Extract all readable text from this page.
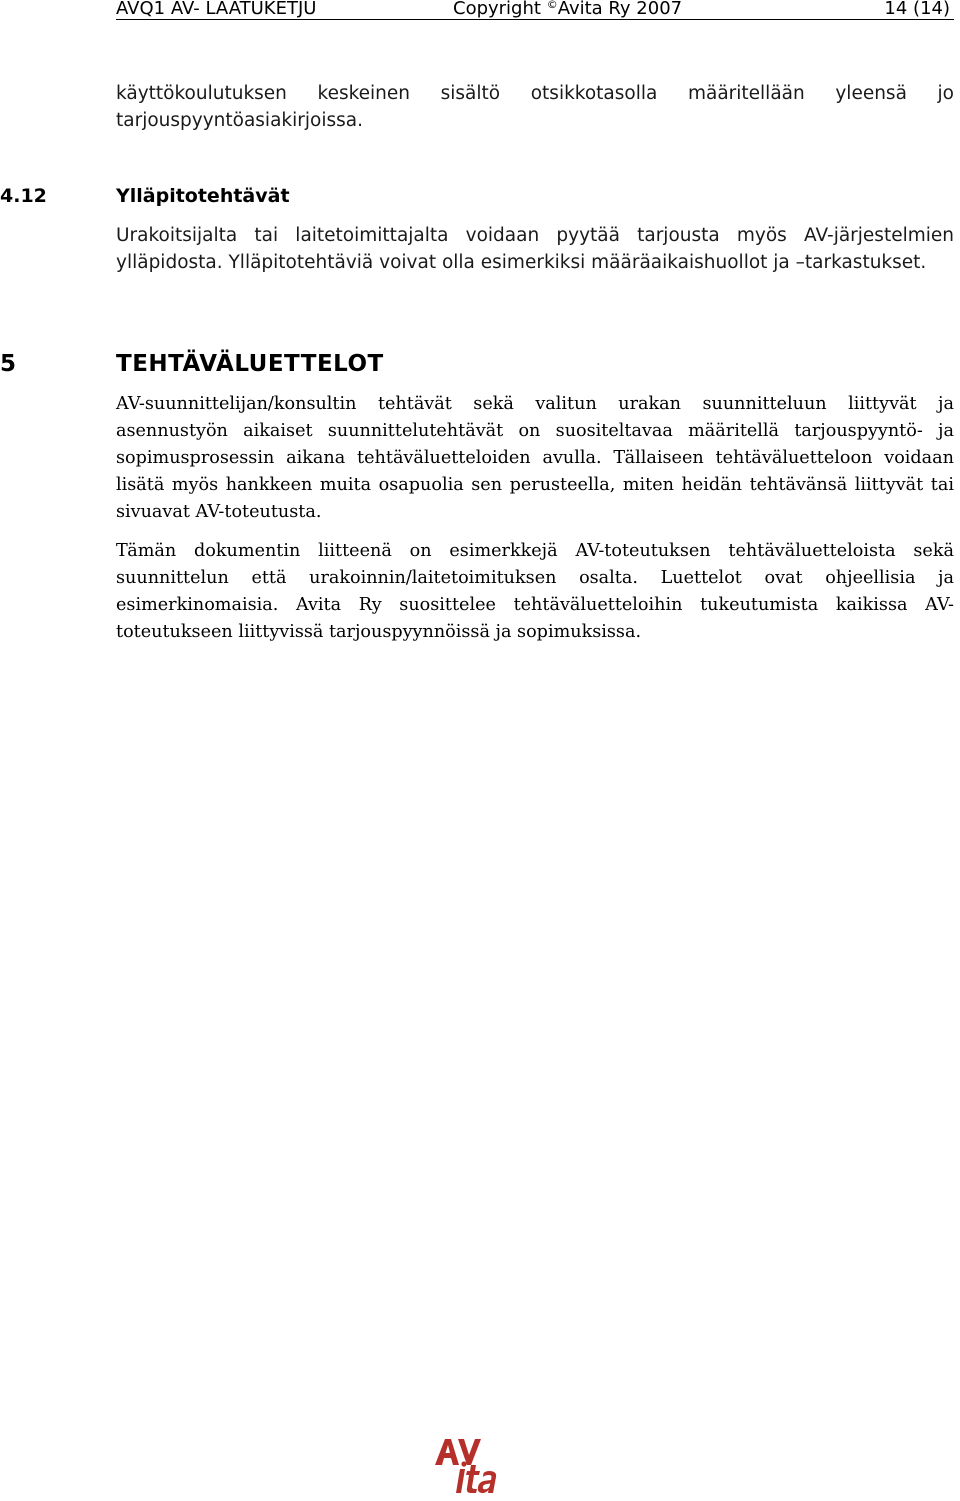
AVQ1 AV- LAATUKETJU	Copyright ©Avita Ry 2007	14 (14)

käyttökoulutuksen keskeinen sisältö otsikkotasolla määritellään yleensä jo tarjouspyyntöasiakirjoissa.

4.12	Ylläpitotehtävät

Urakoitsijalta tai laitetoimittajalta voidaan pyytää tarjousta myös AV-järjestelmien ylläpidosta. Ylläpitotehtäviä voivat olla esimerkiksi määräaikaishuollot ja –tarkastukset.

5	TEHTÄVÄLUETTELOT

AV-suunnittelijan/konsultin tehtävät sekä valitun urakan suunnitteluun liittyvät ja asennustyön aikaiset suunnittelutehtävät on suositeltavaa määritellä tarjouspyyntö- ja sopimusprosessin aikana tehtäväluetteloiden avulla. Tällaiseen tehtäväluetteloon voidaan lisätä myös hankkeen muita osapuolia sen perusteella, miten heidän tehtävänsä liittyvät tai sivuavat AV-toteutusta.

Tämän dokumentin liitteenä on esimerkkejä AV-toteutuksen tehtäväluetteloista sekä suunnittelun että urakoinnin/laitetoimituksen osalta. Luettelot ovat ohjeellisia ja esimerkinomaisia. Avita Ry suosittelee tehtäväluetteloihin tukeutumista kaikissa AV-toteutukseen liittyvissä tarjouspyynnöissä ja sopimuksissa.
